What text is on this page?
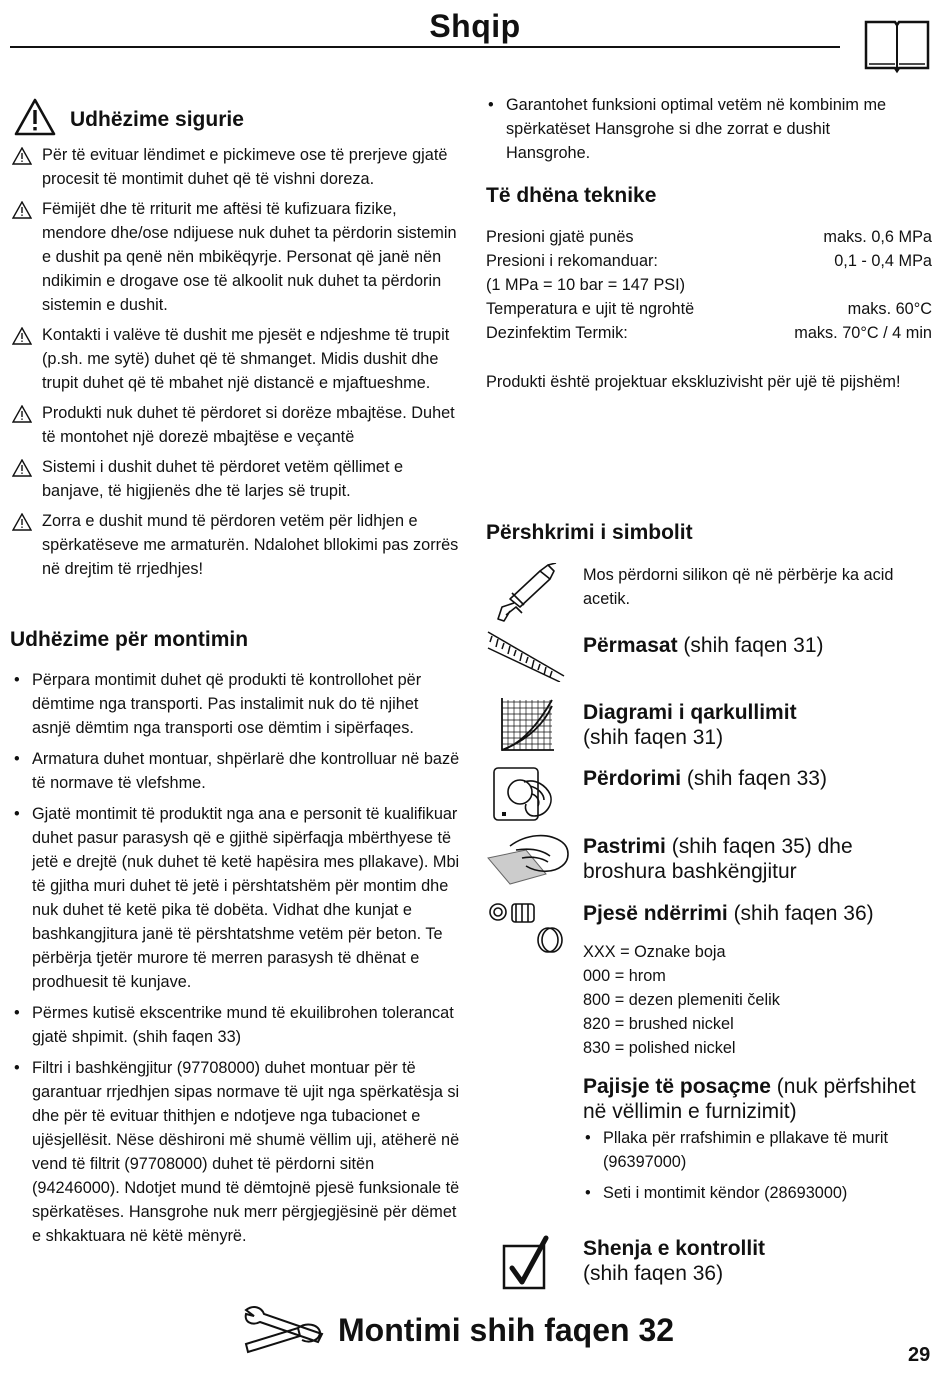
Shqip
Udhëzime sigurie
Për të evituar lëndimet e pickimeve ose të prerjeve gjatë procesit të montimit duhet që të vishni doreza.
Fëmijët dhe të rriturit me aftësi të kufizuara fizike, mendore dhe/ose ndijuese nuk duhet ta përdorin sistemin e dushit pa qenë nën mbikëqyrje. Personat që janë nën ndikimin e drogave ose të alkoolit nuk duhet ta përdorin sistemin e dushit.
Kontakti i valëve të dushit me pjesët e ndjeshme të trupit (p.sh. me sytë) duhet që të shmanget. Midis dushit dhe trupit duhet që të mbahet një distancë e mjaftueshme.
Produkti nuk duhet të përdoret si dorëze mbajtëse. Duhet të montohet një dorezë mbajtëse e veçantë
Sistemi i dushit duhet të përdoret vetëm qëllimet e banjave, të higjienës dhe të larjes së trupit.
Zorra e dushit mund të përdoren vetëm për lidhjen e spërkatëseve me armaturën. Ndalohet bllokimi pas zorrës në drejtim të rrjedhjes!
Udhëzime për montimin
• Përpara montimit duhet që produkti të kontrollohet për dëmtime nga transporti. Pas instalimit nuk do të njihet asnjë dëmtim nga transporti ose dëmtim i sipërfaqes.
• Armatura duhet montuar, shpërlarë dhe kontrolluar në bazë të normave të vlefshme.
• Gjatë montimit të produktit nga ana e personit të kualifikuar duhet pasur parasysh që e gjithë sipërfaqja mbërthyese të jetë e drejtë (nuk duhet të ketë hapësira mes pllakave). Mbi të gjitha muri duhet të jetë i përshtatshëm për montim dhe nuk duhet të ketë pika të dobëta. Vidhat dhe kunjat e bashkangjitura janë të përshtatshme vetëm për beton. Te përbërja tjetër murore të merren parasysh të dhënat e prodhuesit të kunjave.
• Përmes kutisë ekscentrike mund të ekuilibrohen tolerancat gjatë shpimit. (shih faqen 33)
• Filtri i bashkëngjitur (97708000) duhet montuar për të garantuar rrjedhjen sipas normave të ujit nga spërkatësja si dhe për të evituar thithjen e ndotjeve nga tubacionet e ujësjellësit. Nëse dëshironi më shumë vëllim uji, atëherë në vend të filtrit (97708000) duhet të përdorni sitën (94246000). Ndotjet mund të dëmtojnë pjesë funksionale të spërkatëses. Hansgrohe nuk merr përgjegjësinë për dëmet e shkaktuara në këtë mënyrë.
• Garantohet funksioni optimal vetëm në kombinim me spërkatëset Hansgrohe si dhe zorrat e dushit Hansgrohe.
Të dhëna teknike
Presioni gjatë punës	maks. 0,6 MPa
Presioni i rekomanduar:	0,1 - 0,4 MPa
(1 MPa = 10 bar = 147 PSI)
Temperatura e ujit të ngrohtë	maks. 60°C
Dezinfektim Termik:	maks. 70°C / 4 min
Produkti është projektuar ekskluzivisht për ujë të pijshëm!
Përshkrimi i simbolit
Mos përdorni silikon që në përbërje ka acid acetik.
Përmasat (shih faqen 31)
Diagrami i qarkullimit
(shih faqen 31)
Përdorimi (shih faqen 33)
Pastrimi (shih faqen 35) dhe broshura bashkëngjitur
Pjesë ndërrimi (shih faqen 36)
XXX = Oznake boja
000 = hrom
800 = dezen plemeniti čelik
820 = brushed nickel
830 = polished nickel
Pajisje të posaçme (nuk përfshihet në vëllimin e furnizimit)
• Pllaka për rrafshimin e pllakave të murit (96397000)
• Seti i montimit këndor (28693000)
Shenja e kontrollit
(shih faqen 36)
Montimi shih faqen 32
29
